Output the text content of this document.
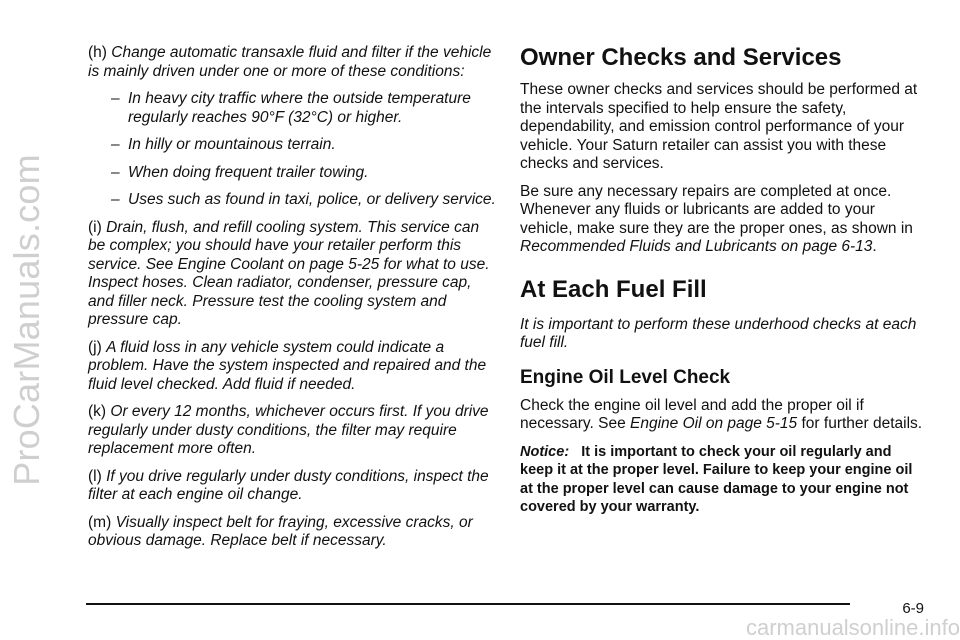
ProCarManuals.com

(h) Change automatic transaxle fluid and filter if the vehicle is mainly driven under one or more of these conditions:

– In heavy city traffic where the outside temperature regularly reaches 90°F (32°C) or higher.

– In hilly or mountainous terrain.

– When doing frequent trailer towing.

– Uses such as found in taxi, police, or delivery service.

(i) Drain, flush, and refill cooling system. This service can be complex; you should have your retailer perform this service. See Engine Coolant on page 5-25 for what to use. Inspect hoses. Clean radiator, condenser, pressure cap, and filler neck. Pressure test the cooling system and pressure cap.

(j) A fluid loss in any vehicle system could indicate a problem. Have the system inspected and repaired and the fluid level checked. Add fluid if needed.

(k) Or every 12 months, whichever occurs first. If you drive regularly under dusty conditions, the filter may require replacement more often.

(l) If you drive regularly under dusty conditions, inspect the filter at each engine oil change.

(m) Visually inspect belt for fraying, excessive cracks, or obvious damage. Replace belt if necessary.

Owner Checks and Services

These owner checks and services should be performed at the intervals specified to help ensure the safety, dependability, and emission control performance of your vehicle. Your Saturn retailer can assist you with these checks and services.

Be sure any necessary repairs are completed at once. Whenever any fluids or lubricants are added to your vehicle, make sure they are the proper ones, as shown in Recommended Fluids and Lubricants on page 6-13.

At Each Fuel Fill

It is important to perform these underhood checks at each fuel fill.

Engine Oil Level Check

Check the engine oil level and add the proper oil if necessary. See Engine Oil on page 5-15 for further details.

Notice: It is important to check your oil regularly and keep it at the proper level. Failure to keep your engine oil at the proper level can cause damage to your engine not covered by your warranty.

6-9
carmanualsonline.info
